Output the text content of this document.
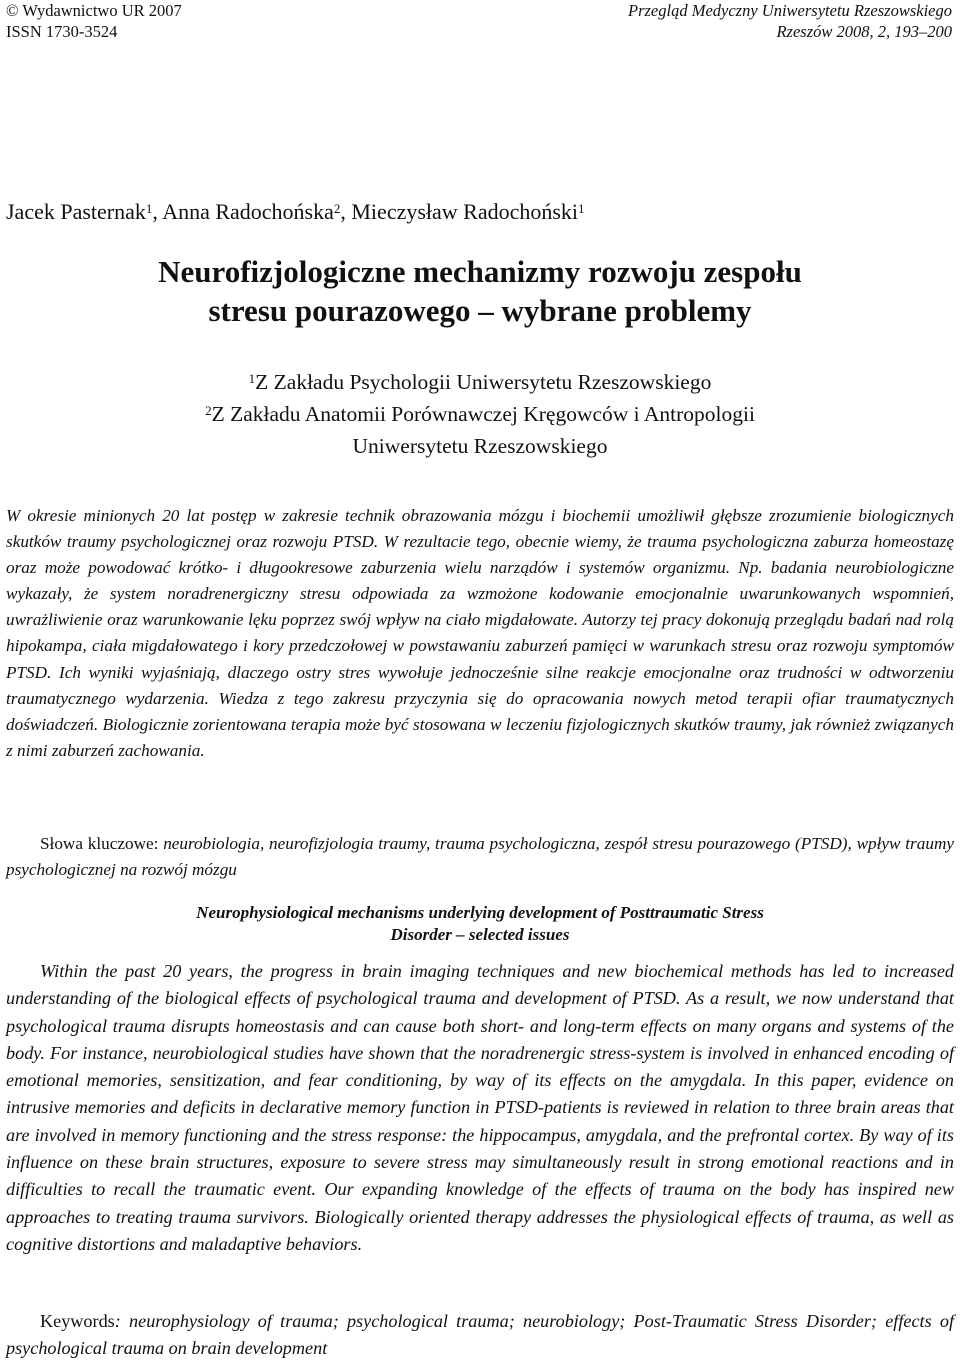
© Wydawnictwo UR 2007	Przegląd Medyczny Uniwersytetu Rzeszowskiego
ISSN 1730-3524	Rzeszów 2008, 2, 193–200
Jacek Pasternak$^1$, Anna Radochońska$^2$, Mieczysław Radochoński$^1$
Neurofizjologiczne mechanizmy rozwoju zespołu
stresu pourazowego – wybrane problemy
$^1$Z Zakładu Psychologii Uniwersytetu Rzeszowskiego
$^2$Z Zakładu Anatomii Porównawczej Kręgowców i Antropologii
Uniwersytetu Rzeszowskiego
W okresie minionych 20 lat postęp w zakresie technik obrazowania mózgu i biochemii umożliwił głębsze zrozumienie biologicznych skutków traumy psychologicznej oraz rozwoju PTSD. W rezultacie tego, obecnie wiemy, że trauma psychologiczna zaburza homeostazę oraz może powodować krótko- i długookresowe zaburzenia wielu narządów i systemów organizmu. Np. badania neurobiologiczne wykazały, że system noradrenergiczny stresu odpowiada za wzmożone kodowanie emocjonalnie uwarunkowanych wspomnień, uwrażliwienie oraz warunkowanie lęku poprzez swój wpływ na ciało migdałowate. Autorzy tej pracy dokonują przeglądu badań nad rolą hipokampa, ciała migdałowatego i kory przedczołowej w powstawaniu zaburzeń pamięci w warunkach stresu oraz rozwoju symptomów PTSD. Ich wyniki wyjaśniają, dlaczego ostry stres wywołuje jednocześnie silne reakcje emocjonalne oraz trudności w odtworzeniu traumatycznego wydarzenia. Wiedza z tego zakresu przyczynia się do opracowania nowych metod terapii ofiar traumatycznych doświadczeń. Biologicznie zorientowana terapia może być stosowana w leczeniu fizjologicznych skutków traumy, jak również związanych z nimi zaburzeń zachowania.
Słowa kluczowe: neurobiologia, neurofizjologia traumy, trauma psychologiczna, zespół stresu pourazowego (PTSD), wpływ traumy psychologicznej na rozwój mózgu
Neurophysiological mechanisms underlying development of Posttraumatic Stress
Disorder – selected issues
Within the past 20 years, the progress in brain imaging techniques and new biochemical methods has led to increased understanding of the biological effects of psychological trauma and development of PTSD. As a result, we now understand that psychological trauma disrupts homeostasis and can cause both short- and long-term effects on many organs and systems of the body. For instance, neurobiological studies have shown that the noradrenergic stress-system is involved in enhanced encoding of emotional memories, sensitization, and fear conditioning, by way of its effects on the amygdala. In this paper, evidence on intrusive memories and deficits in declarative memory function in PTSD-patients is reviewed in relation to three brain areas that are involved in memory functioning and the stress response: the hippocampus, amygdala, and the prefrontal cortex. By way of its influence on these brain structures, exposure to severe stress may simultaneously result in strong emotional reactions and in difficulties to recall the traumatic event. Our expanding knowledge of the effects of trauma on the body has inspired new approaches to treating trauma survivors. Biologically oriented therapy addresses the physiological effects of trauma, as well as cognitive distortions and maladaptive behaviors.
Keywords: neurophysiology of trauma; psychological trauma; neurobiology; Post-Traumatic Stress Disorder; effects of psychological trauma on brain development
